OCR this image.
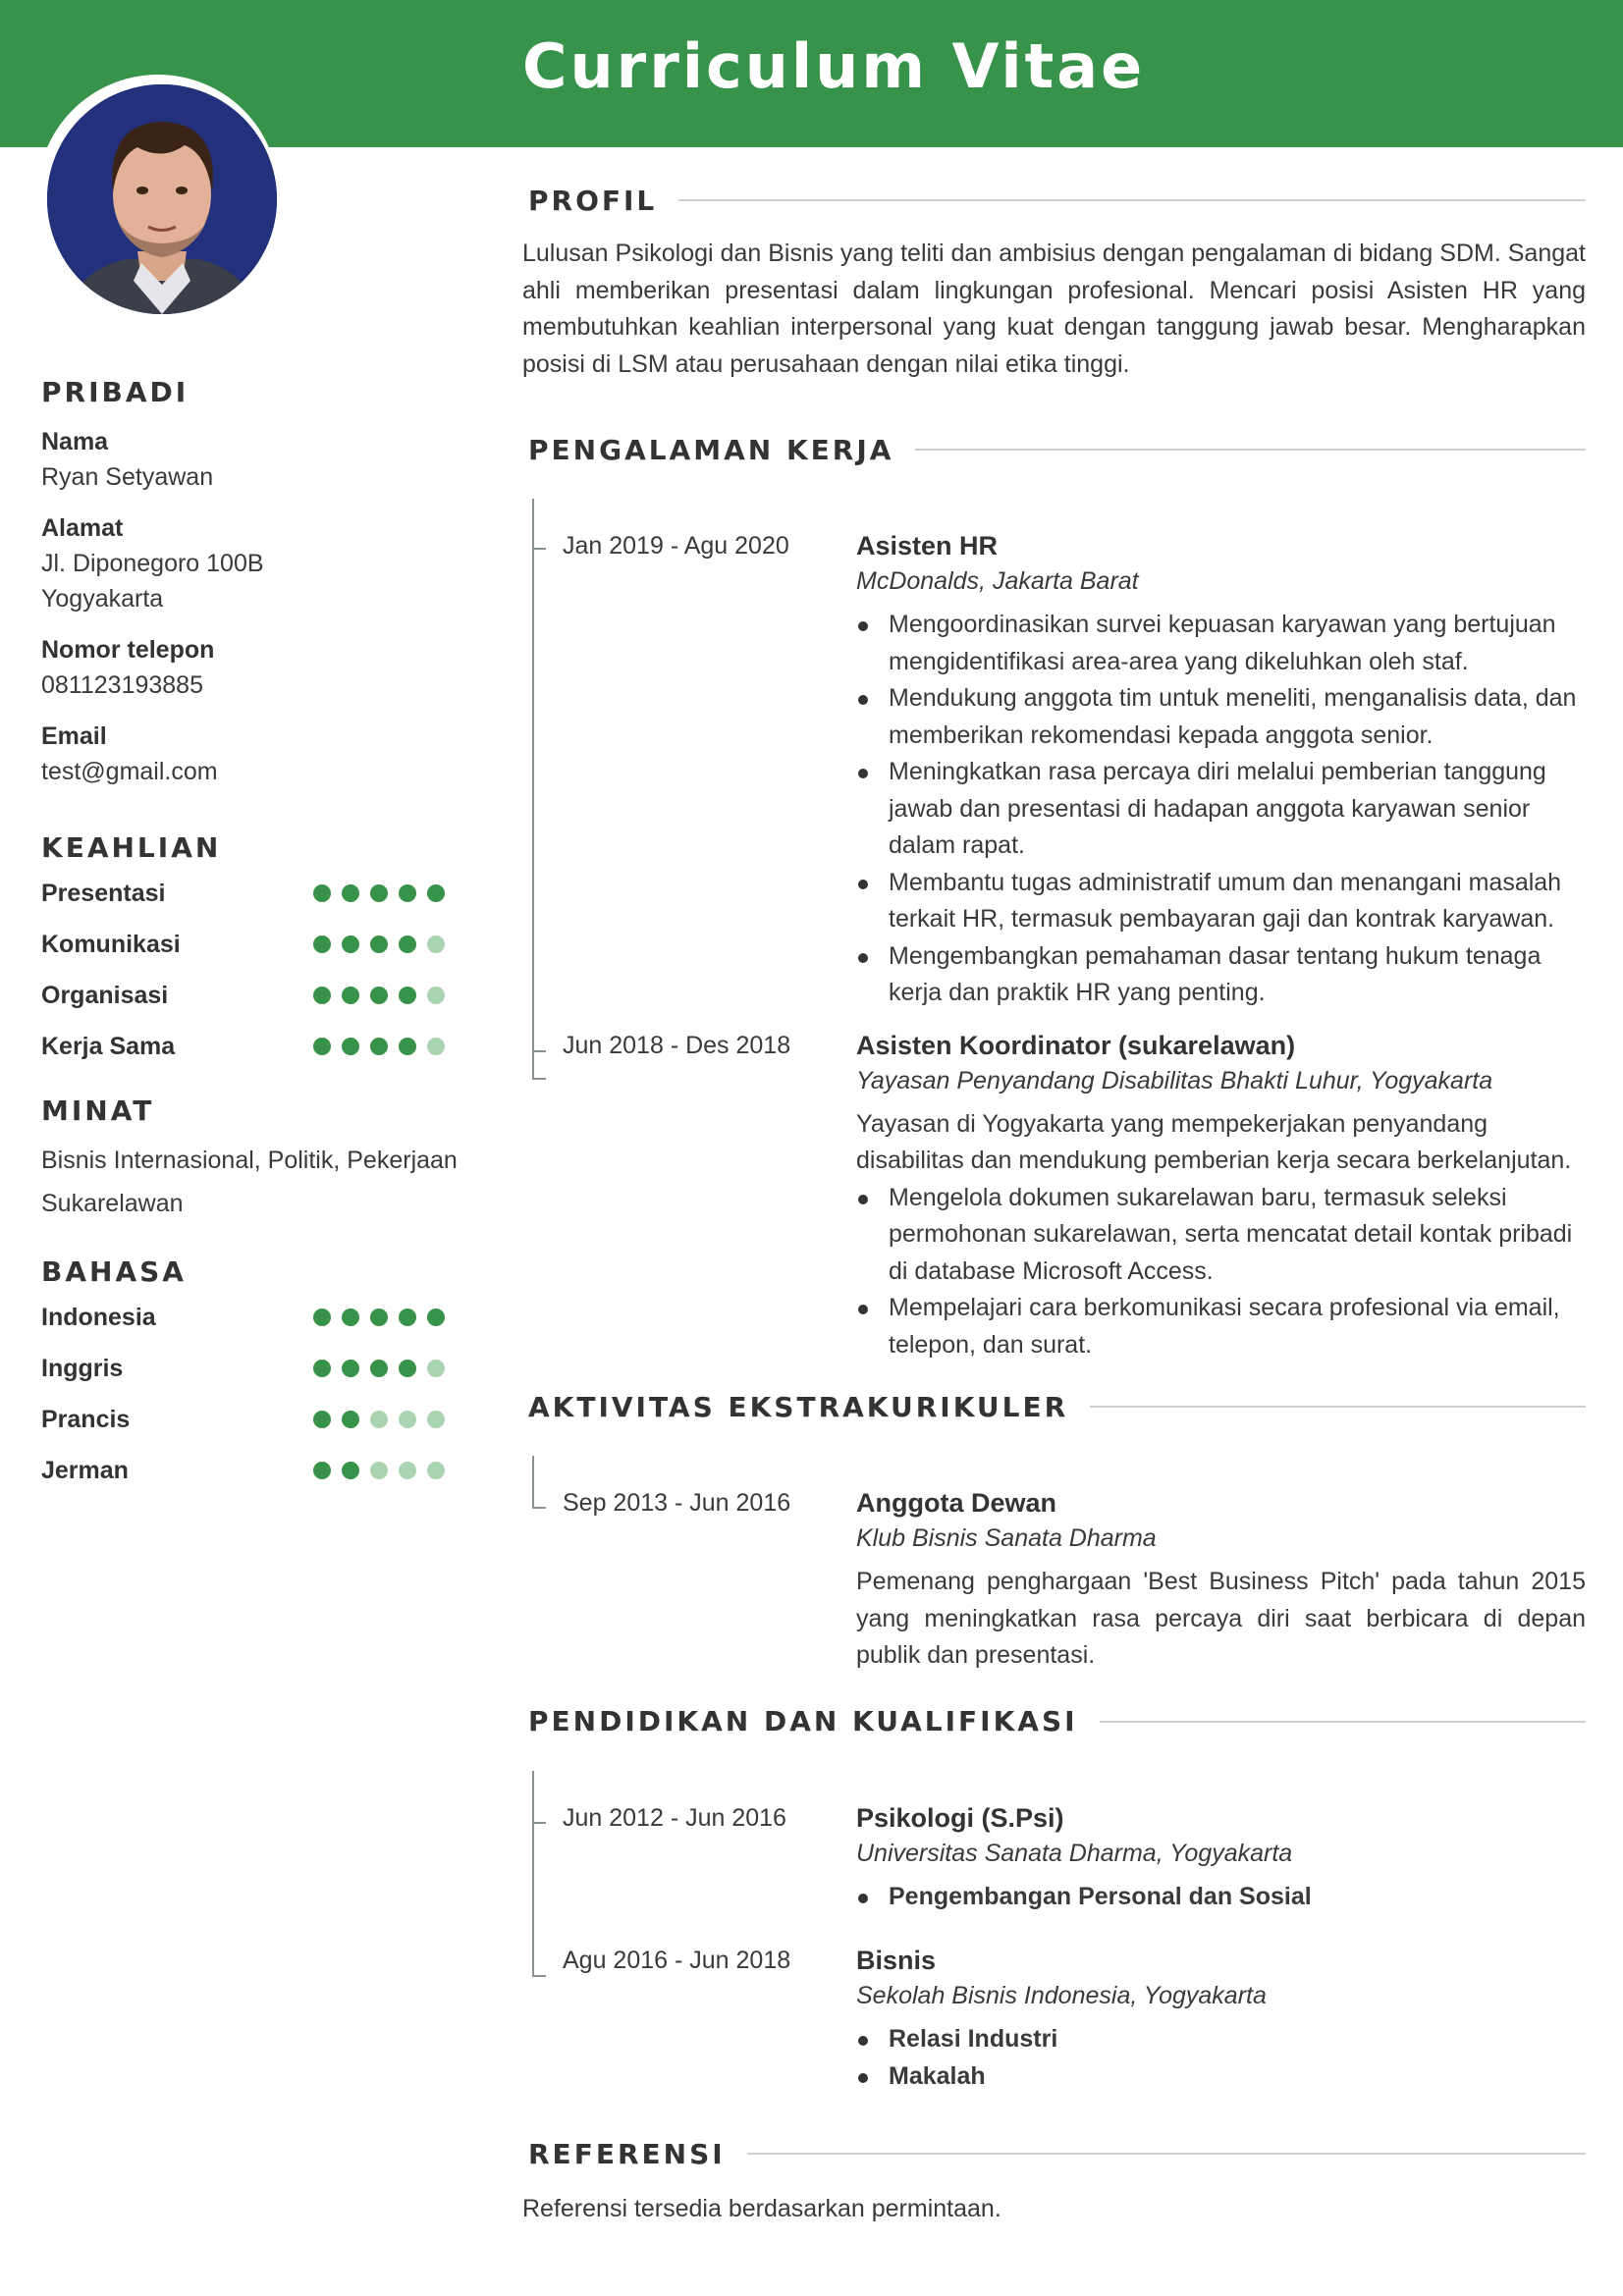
Curriculum Vitae
PRIBADI

Nama

Ryan Setyawan

Alamat

Jl. Diponegoro 100B

Yogyakarta

Nomor telepon

081123193885

Email

test@gmail.com

KEAHLIAN
Presentasi
Komunikasi
Organisasi
Kerja Sama
MINAT

Bisnis Internasional, Politik, Pekerjaan Sukarelawan

BAHASA
Indonesia
Inggris
Prancis
Jerman
PROFIL

Lulusan Psikologi dan Bisnis yang teliti dan ambisius dengan pengalaman di bidang SDM. Sangat ahli memberikan presentasi dalam lingkungan profesional. Mencari posisi Asisten HR yang membutuhkan keahlian interpersonal yang kuat dengan tanggung jawab besar. Mengharapkan posisi di LSM atau perusahaan dengan nilai etika tinggi.

PENGALAMAN KERJA
Jan 2019 - Agu 2020	Asisten HR

McDonalds, Jakarta Barat

Mengoordinasikan survei kepuasan karyawan yang bertujuan mengidentifikasi area-area yang dikeluhkan oleh staf.
Mendukung anggota tim untuk meneliti, menganalisis data, dan memberikan rekomendasi kepada anggota senior.
Meningkatkan rasa percaya diri melalui pemberian tanggung jawab dan presentasi di hadapan anggota karyawan senior dalam rapat.
Membantu tugas administratif umum dan menangani masalah terkait HR, termasuk pembayaran gaji dan kontrak karyawan.
Mengembangkan pemahaman dasar tentang hukum tenaga kerja dan praktik HR yang penting.
Jun 2018 - Des 2018 Asisten Koordinator (sukarelawan)

Yayasan Penyandang Disabilitas Bhakti Luhur, Yogyakarta

Yayasan di Yogyakarta yang mempekerjakan penyandang disabilitas dan mendukung pemberian kerja secara berkelanjutan.

Mengelola dokumen sukarelawan baru, termasuk seleksi permohonan sukarelawan, serta mencatat detail kontak pribadi di database Microsoft Access.
Mempelajari cara berkomunikasi secara profesional via email, telepon, dan surat.
AKTIVITAS EKSTRAKURIKULER
Sep 2013 - Jun 2016 Anggota Dewan

Klub Bisnis Sanata Dharma

Pemenang penghargaan 'Best Business Pitch' pada tahun 2015 yang meningkatkan rasa percaya diri saat berbicara di depan publik dan presentasi.

PENDIDIKAN DAN KUALIFIKASI
Jun 2012 - Jun 2016	Psikologi (S.Psi)

Universitas Sanata Dharma, Yogyakarta

Pengembangan Personal dan Sosial
Agu 2016 - Jun 2018 Bisnis

Sekolah Bisnis Indonesia, Yogyakarta

Relasi Industri
Makalah
REFERENSI

Referensi tersedia berdasarkan permintaan.
